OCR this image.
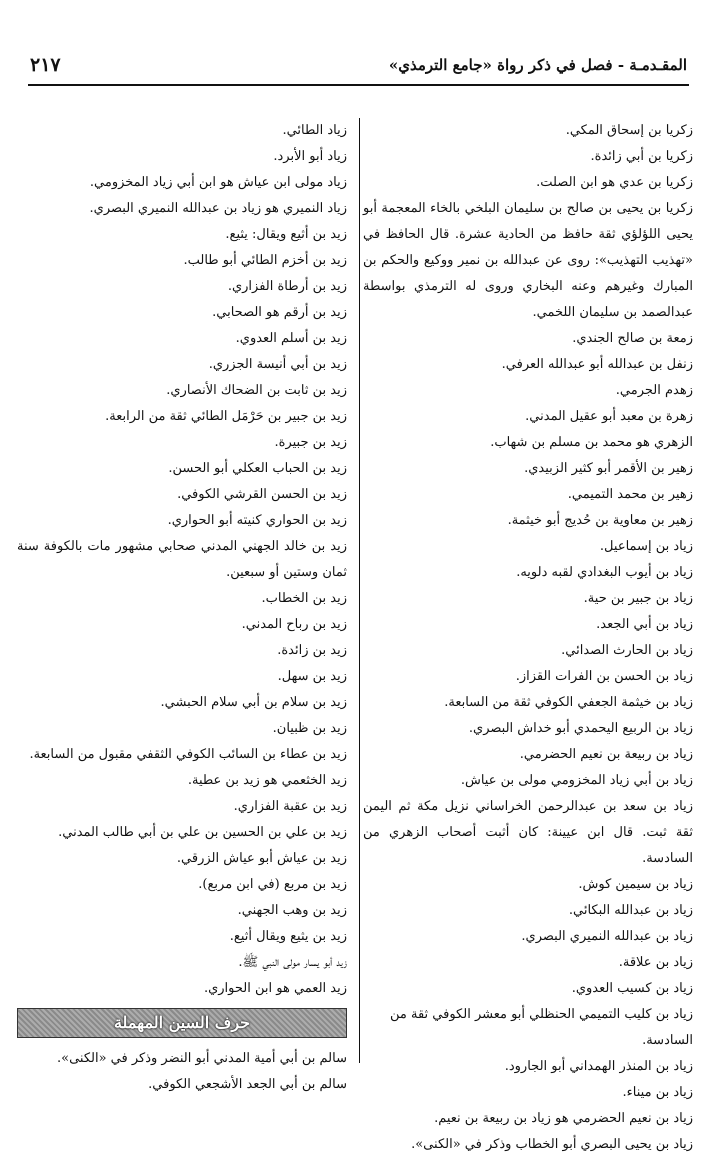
٢١٧	المقـدمـة - فصل في ذكر رواة «جامع الترمذي»

زكريا بن إسحاق المكي.

زكريا بن أبي زائدة.

زكريا بن عدي هو ابن الصلت.

زكريا بن يحيى بن صالح بن سليمان البلخي بالخاء المعجمة أبو يحيى اللؤلؤي ثقة حافظ من الحادية عشرة. قال الحافظ في «تهذيب التهذيب»: روى عن عبدالله بن نمير ووكيع والحكم بن المبارك وغيرهم وعنه البخاري وروى له الترمذي بواسطة عبدالصمد بن سليمان اللخمي.

زمعة بن صالح الجندي.

زنفل بن عبدالله أبو عبدالله العرفي.

زهدم الجرمي.

زهرة بن معبد أبو عقيل المدني.

الزهري هو محمد بن مسلم بن شهاب.

زهير بن الأقمر أبو كثير الزبيدي.

زهير بن محمد التميمي.

زهير بن معاوية بن حُديج أبو خيثمة.

زياد بن إسماعيل.

زياد بن أيوب البغدادي لقبه دلويه.

زياد بن جبير بن حية.

زياد بن أبي الجعد.

زياد بن الحارث الصدائي.

زياد بن الحسن بن الفرات القزاز.

زياد بن خيثمة الجعفي الكوفي ثقة من السابعة.

زياد بن الربيع اليحمدي أبو خداش البصري.

زياد بن ربيعة بن نعيم الحضرمي.

زياد بن أبي زياد المخزومي مولى بن عياش.

زياد بن سعد بن عبدالرحمن الخراساني نزيل مكة ثم اليمن ثقة ثبت. قال ابن عيينة: كان أثبت أصحاب الزهري من السادسة.

زياد بن سيمين كوش.

زياد بن عبدالله البكائي.

زياد بن عبدالله النميري البصري.

زياد بن علاقة.

زياد بن كسيب العدوي.

زياد بن كليب التميمي الحنظلي أبو معشر الكوفي ثقة من السادسة.

زياد بن المنذر الهمداني أبو الجارود.

زياد بن ميناء.

زياد بن نعيم الحضرمي هو زياد بن ربيعة بن نعيم.

زياد بن يحيى البصري أبو الخطاب وذكر في «الكنى».

زياد الطائي.

زياد أبو الأبرد.

زياد مولى ابن عياش هو ابن أبي زياد المخزومي.

زياد النميري هو زياد بن عبدالله النميري البصري.

زيد بن أثيع ويقال: يثيع.

زيد بن أخزم الطائي أبو طالب.

زيد بن أرطاة الفزاري.

زيد بن أرقم هو الصحابي.

زيد بن أسلم العدوي.

زيد بن أبي أنيسة الجزري.

زيد بن ثابت بن الضحاك الأنصاري.

زيد بن جبير بن حَرْمَل الطائي ثقة من الرابعة.

زيد بن جبيرة.

زيد بن الحباب العكلي أبو الحسن.

زيد بن الحسن القرشي الكوفي.

زيد بن الحواري كنيته أبو الحواري.

زيد بن خالد الجهني المدني صحابي مشهور مات بالكوفة سنة ثمان وستين أو سبعين.

زيد بن الخطاب.

زيد بن رباح المدني.

زيد بن زائدة.

زيد بن سهل.

زيد بن سلام بن أبي سلام الحبشي.

زيد بن ظبيان.

زيد بن عطاء بن السائب الكوفي الثقفي مقبول من السابعة.

زيد الخثعمي هو زيد بن عطية.

زيد بن عقبة الفزاري.

زيد بن علي بن الحسين بن علي بن أبي طالب المدني.

زيد بن عياش أبو عياش الزرقي.

زيد بن مربع (في ابن مربع).

زيد بن وهب الجهني.

زيد بن يثيع ويقال أثيع.

زيد أبو يسار مولى النبي ﷺ.

زيد العمي هو ابن الحواري.

حرف السين المهملة

سالم بن أبي أمية المدني أبو النضر وذكر في «الكنى».

سالم بن أبي الجعد الأشجعي الكوفي.
